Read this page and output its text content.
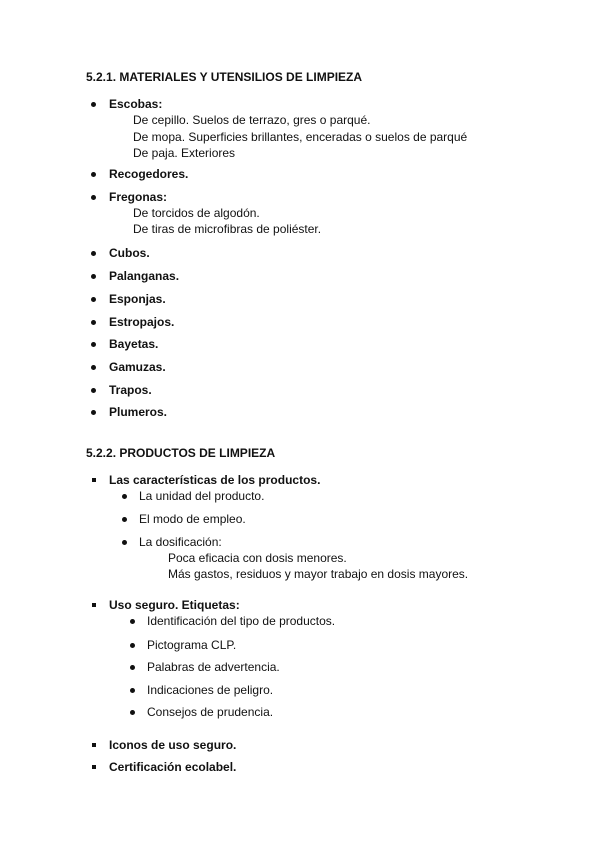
5.2.1. MATERIALES Y UTENSILIOS DE LIMPIEZA
Escobas:
De cepillo. Suelos de terrazo, gres o parqué.
De mopa. Superficies brillantes, enceradas o suelos de parqué
De paja. Exteriores
Recogedores.
Fregonas:
De torcidos de algodón.
De tiras de microfibras de poliéster.
Cubos.
Palanganas.
Esponjas.
Estropajos.
Bayetas.
Gamuzas.
Trapos.
Plumeros.
5.2.2. PRODUCTOS DE LIMPIEZA
Las características de los productos.
La unidad del producto.
El modo de empleo.
La dosificación:
Poca eficacia con dosis menores.
Más gastos, residuos y mayor trabajo en dosis mayores.
Uso seguro. Etiquetas:
Identificación del tipo de productos.
Pictograma CLP.
Palabras de advertencia.
Indicaciones de peligro.
Consejos de prudencia.
Iconos de uso seguro.
Certificación ecolabel.
